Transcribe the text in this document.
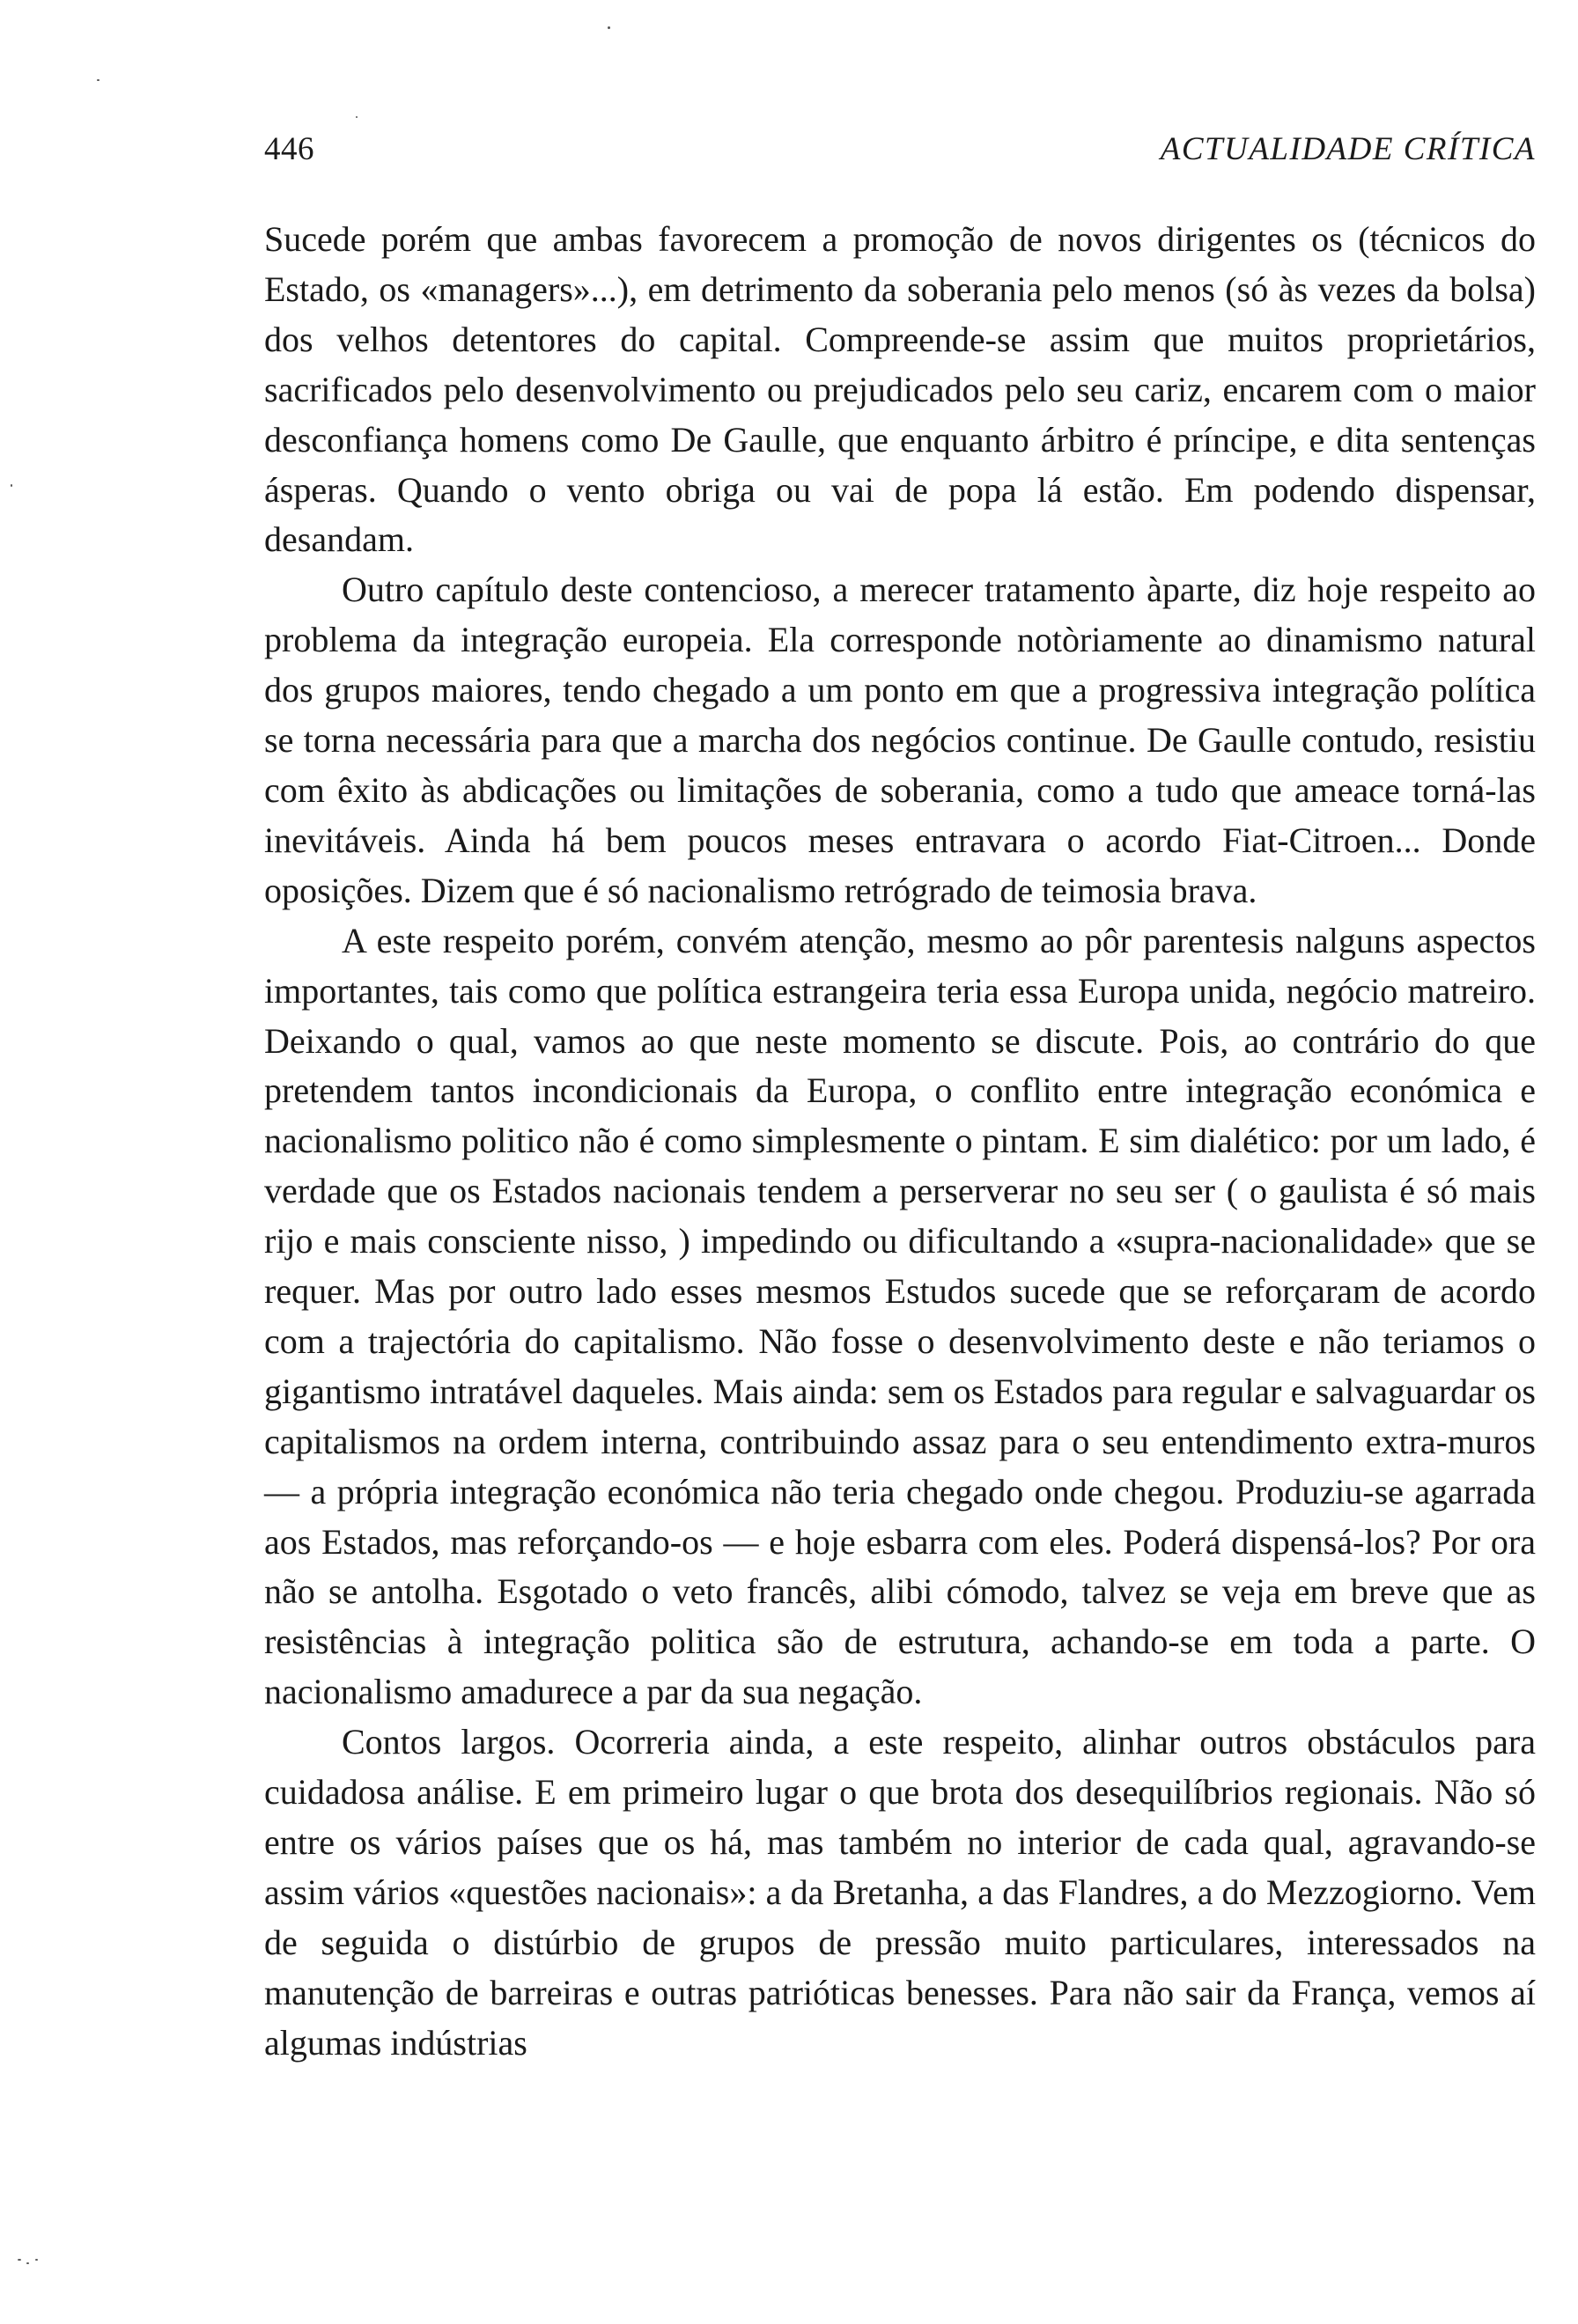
446	ACTUALIDADE CRÍTICA

Sucede porém que ambas favorecem a promoção de novos dirigentes os (técnicos do Estado, os «managers»...), em detrimento da soberania pelo menos (só às vezes da bolsa) dos velhos detentores do capital. Compreende-se assim que muitos proprietários, sacrificados pelo desenvolvimento ou prejudicados pelo seu cariz, encarem com o maior desconfiança homens como De Gaulle, que enquanto árbitro é príncipe, e dita sentenças ásperas. Quando o vento obriga ou vai de popa lá estão. Em podendo dispensar, desandam.

Outro capítulo deste contencioso, a merecer tratamento àparte, diz hoje respeito ao problema da integração europeia. Ela corresponde notòriamente ao dinamismo natural dos grupos maiores, tendo chegado a um ponto em que a progressiva integração política se torna necessária para que a marcha dos negócios continue. De Gaulle contudo, resistiu com êxito às abdicações ou limitações de soberania, como a tudo que ameace torná-las inevitáveis. Ainda há bem poucos meses entravara o acordo Fiat-Citroen... Donde oposições. Dizem que é só nacionalismo retrógrado de teimosia brava.

A este respeito porém, convém atenção, mesmo ao pôr parentesis nalguns aspectos importantes, tais como que política estrangeira teria essa Europa unida, negócio matreiro. Deixando o qual, vamos ao que neste momento se discute. Pois, ao contrário do que pretendem tantos incondicionais da Europa, o conflito entre integração económica e nacionalismo politico não é como simplesmente o pintam. E sim dialético: por um lado, é verdade que os Estados nacionais tendem a perserverar no seu ser ( o gaulista é só mais rijo e mais consciente nisso, ) impedindo ou dificultando a «supra-nacionalidade» que se requer. Mas por outro lado esses mesmos Estudos sucede que se reforçaram de acordo com a trajectória do capitalismo. Não fosse o desenvolvimento deste e não teriamos o gigantismo intratável daqueles. Mais ainda: sem os Estados para regular e salvaguardar os capitalismos na ordem interna, contribuindo assaz para o seu entendimento extra-muros — a própria integração económica não teria chegado onde chegou. Produziu-se agarrada aos Estados, mas reforçando-os — e hoje esbarra com eles. Poderá dispensá-los? Por ora não se antolha. Esgotado o veto francês, alibi cómodo, talvez se veja em breve que as resistências à integração politica são de estrutura, achando-se em toda a parte. O nacionalismo amadurece a par da sua negação.

Contos largos. Ocorreria ainda, a este respeito, alinhar outros obstáculos para cuidadosa análise. E em primeiro lugar o que brota dos desequilíbrios regionais. Não só entre os vários países que os há, mas também no interior de cada qual, agravando-se assim vários «questões nacionais»: a da Bretanha, a das Flandres, a do Mezzogiorno. Vem de seguida o distúrbio de grupos de pressão muito particulares, interessados na manutenção de barreiras e outras patrióticas benesses. Para não sair da França, vemos aí algumas indústrias
